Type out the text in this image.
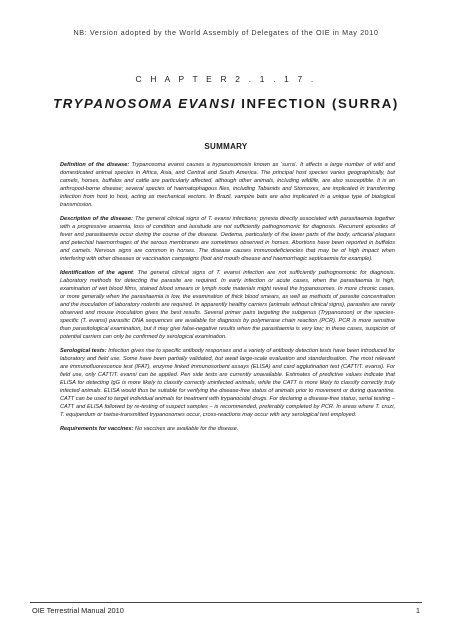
NB: Version adopted by the World Assembly of Delegates of the OIE in May 2010
C H A P T E R 2 . 1 . 1 7 .
TRYPANOSOMA EVANSI INFECTION (SURRA)
SUMMARY

Definition of the disease: Trypanosoma evansi causes a trypanosomosis known as ‘surra’. It affects a large number of wild and domesticated animal species in Africa, Asia, and Central and South America. The principal host species varies geographically, but camels, horses, buffalos and cattle are particularly affected, although other animals, including wildlife, are also susceptible. It is an arthropod-borne disease; several species of haematophagous flies, including Tabanids and Stomoxes, are implicated in transferring infection from host to host, acting as mechanical vectors. In Brazil, vampire bats are also implicated in a unique type of biological transmission.

Description of the disease: The general clinical signs of T. evansi infections; pyrexia directly associated with parasitaemia together with a progressive anaemia, loss of condition and lassitude are not sufficiently pathognomonic for diagnosis. Recurrent episodes of fever and parasitaemia occur during the course of the disease. Oedema, particularly of the lower parts of the body, urticarial plaques and petechial haemorrhages of the serous membranes are sometimes observed in horses. Abortions have been reported in buffalos and camels. Nervous signs are common in horses. The disease causes immunodeficiencies that may be of high impact when interfering with other diseases or vaccination campaigns (foot and mouth disease and haemorrhagic septicaemia for example).

Identification of the agent: The general clinical signs of T. evansi infection are not sufficiently pathognomonic for diagnosis. Laboratory methods for detecting the parasite are required. In early infection or acute cases, when the parasitaemia is high, examination of wet blood films, stained blood smears or lymph node materials might reveal the trypanosomes. In more chronic cases, or more generally when the parasitaemia is low, the examination of thick blood smears, as well as methods of parasite concentration and the inoculation of laboratory rodents are required. In apparently healthy carriers (animals without clinical signs), parasites are rarely observed and mouse inoculation gives the best results. Several primer pairs targeting the subgenus (Trypanozoon) or the species-specific (T. evansi) parasitic DNA sequences are available for diagnosis by polymerase chain reaction (PCR). PCR is more sensitive than parasitological examination, but it may give false-negative results when the parasitaemia is very low; in these cases, suspicion of potential carriers can only be confirmed by serological examination.

Serological tests: Infection gives rise to specific antibody responses and a variety of antibody detection tests have been introduced for laboratory and field use. Some have been partially validated, but await large-scale evaluation and standardisation. The most relevant are immunofluorescence test (IFAT), enzyme linked immunosorbent assays (ELISA) and card agglutination test (CATT/T. evansi). For field use, only CATT/T. evansi can be applied. Pen side tests are currently unavailable. Estimates of predictive values indicate that ELISA for detecting IgG is more likely to classify correctly uninfected animals, while the CATT is more likely to classify correctly truly infected animals. ELISA would thus be suitable for verifying the disease-free status of animals prior to movement or during quarantine. CATT can be used to target individual animals for treatment with trypanocidal drugs. For declaring a disease-free status, serial testing – CATT and ELISA followed by re-testing of suspect samples – is recommended, preferably completed by PCR. In areas where T. cruzi, T. equiperdum or tsetse-transmitted trypanosomes occur, cross-reactions may occur with any serological test employed.

Requirements for vaccines: No vaccines are available for the disease.

OIE Terrestrial Manual 2010	1
